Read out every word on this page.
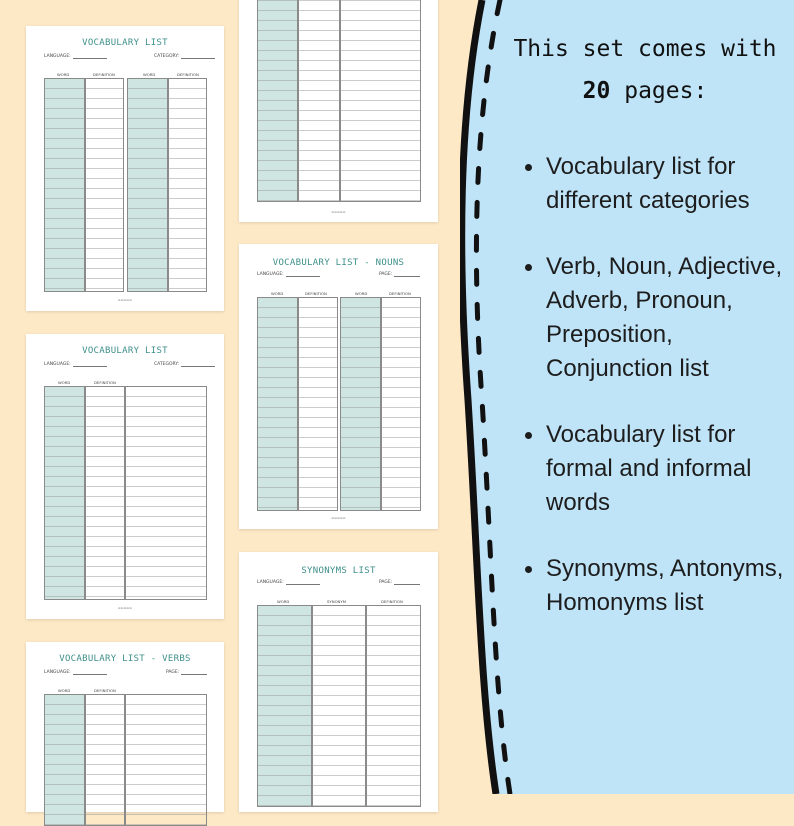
VOCABULARY LIST
LANGUAGE:	CATEGORY:
WORD	DEFINITION	WORD	DEFINITION
▬▬▬▬▬
VOCABULARY LIST
LANGUAGE:	CATEGORY:
WORD	DEFINITION
▬▬▬▬▬
VOCABULARY LIST - VERBS
LANGUAGE:	PAGE:
WORD	DEFINITION
▬▬▬▬▬
VOCABULARY LIST - NOUNS
LANGUAGE:	PAGE:
WORD	DEFINITION	WORD	DEFINITION
▬▬▬▬▬
SYNONYMS LIST
LANGUAGE:	PAGE:
WORD	SYNONYM	DEFINITION
This set comes with
20 pages:
Vocabulary list for different categories
Verb, Noun, Adjective, Adverb, Pronoun, Preposition, Conjunction list
Vocabulary list for formal and informal words
Synonyms, Antonyms, Homonyms list
